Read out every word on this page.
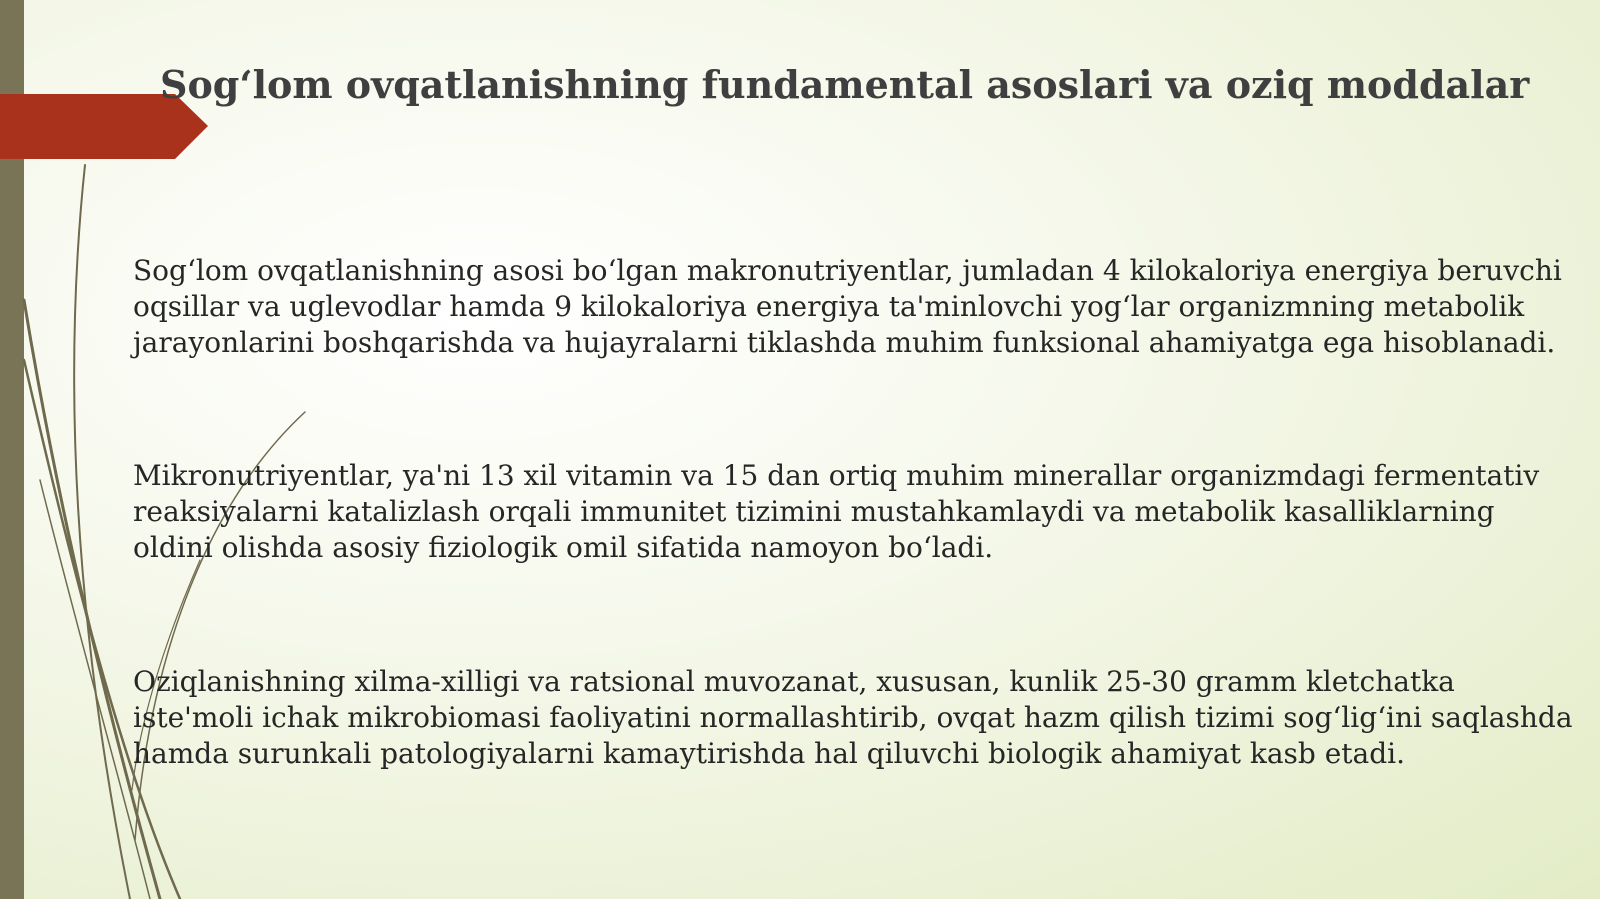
Sog‘lom ovqatlanishning fundamental asoslari va oziq moddalar

Sog‘lom ovqatlanishning asosi bo‘lgan makronutriyentlar, jumladan 4 kilokaloriya energiya beruvchi oqsillar va uglevodlar hamda 9 kilokaloriya energiya ta'minlovchi yog‘lar organizmning metabolik jarayonlarini boshqarishda va hujayralarni tiklashda muhim funksional ahamiyatga ega hisoblanadi.

Mikronutriyentlar, ya'ni 13 xil vitamin va 15 dan ortiq muhim minerallar organizmdagi fermentativ reaksiyalarni katalizlash orqali immunitet tizimini mustahkamlaydi va metabolik kasalliklarning oldini olishda asosiy fiziologik omil sifatida namoyon bo‘ladi.

Oziqlanishning xilma-xilligi va ratsional muvozanat, xususan, kunlik 25-30 gramm kletchatka iste'moli ichak mikrobiomasi faoliyatini normallashtirib, ovqat hazm qilish tizimi sog‘lig‘ini saqlashda hamda surunkali patologiyalarni kamaytirishda hal qiluvchi biologik ahamiyat kasb etadi.
